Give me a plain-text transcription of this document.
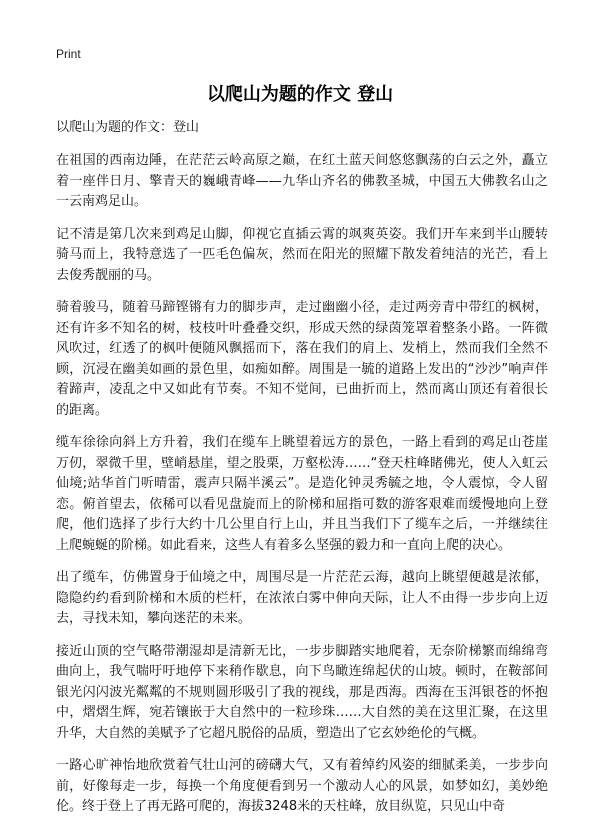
Print
以爬山为题的作文 登山

以爬山为题的作文：登山

在祖国的西南边陲，在茫茫云岭高原之巅，在红土蓝天间悠悠飘荡的白云之外，矗立着一座伴日月、擎青天的巍峨青峰——九华山齐名的佛教圣城，中国五大佛教名山之一云南鸡足山。

记不清是第几次来到鸡足山脚，仰视它直插云霄的飒爽英姿。我们开车来到半山腰转骑马而上，我特意选了一匹毛色偏灰，然而在阳光的照耀下散发着纯洁的光芒，看上去俊秀靓丽的马。

骑着骏马，随着马蹄铿锵有力的脚步声，走过幽幽小径，走过两旁青中带红的枫树，还有许多不知名的树，枝枝叶叶叠叠交织，形成天然的绿茵笼罩着整条小路。一阵微风吹过，红透了的枫叶便随风飘摇而下，落在我们的肩上、发梢上，然而我们全然不顾，沉浸在幽美如画的景色里，如痴如醉。周围是一毓的道路上发出的“沙沙”响声伴着蹄声，凌乱之中又如此有节奏。不知不觉间，已曲折而上，然而离山顶还有着很长的距离。

缆车徐徐向斜上方升着，我们在缆车上眺望着远方的景色，一路上看到的鸡足山苍崖万仞，翠微千里，壁峭悬崖，望之股栗，万壑松涛……“登天柱峰睹佛光，使人入虹云仙境;站华首门听晴雷，震声只隔半溪云”。是造化钟灵秀毓之地，令人震惊，令人留恋。俯首望去，依稀可以看见盘旋而上的阶梯和屈指可数的游客艰难而缓慢地向上登爬，他们选择了步行大约十几公里自行上山，并且当我们下了缆车之后，一并继续往上爬蜿蜒的阶梯。如此看来，这些人有着多么坚强的毅力和一直向上爬的决心。

出了缆车，仿佛置身于仙境之中，周围尽是一片茫茫云海，越向上眺望便越是浓郁，隐隐约约看到阶梯和木质的栏杆，在浓浓白雾中伸向天际，让人不由得一步步向上迈去，寻找未知，攀向迷茫的未来。

接近山顶的空气略带潮湿却是清新无比，一步步脚踏实地爬着，无奈阶梯繁而绵绵弯曲向上，我气喘吁吁地停下来稍作歇息，向下鸟瞰连绵起伏的山坡。顿时，在鞍部间银光闪闪波光粼粼的不规则圆形吸引了我的视线，那是西海。西海在玉洱银苍的怀抱中，熠熠生辉，宛若镶嵌于大自然中的一粒珍珠……大自然的美在这里汇聚，在这里升华，大自然的美赋予了它超凡脱俗的品质，塑造出了它玄妙绝伦的气概。

一路心旷神怡地欣赏着气壮山河的磅礴大气，又有着绰约风姿的细腻柔美，一步步向前，好像每走一步，每换一个角度便看到另一个激动人心的风景，如梦如幻，美妙绝伦。终于登上了再无路可爬的，海拔3248米的天柱峰，放目纵览，只见山中奇
